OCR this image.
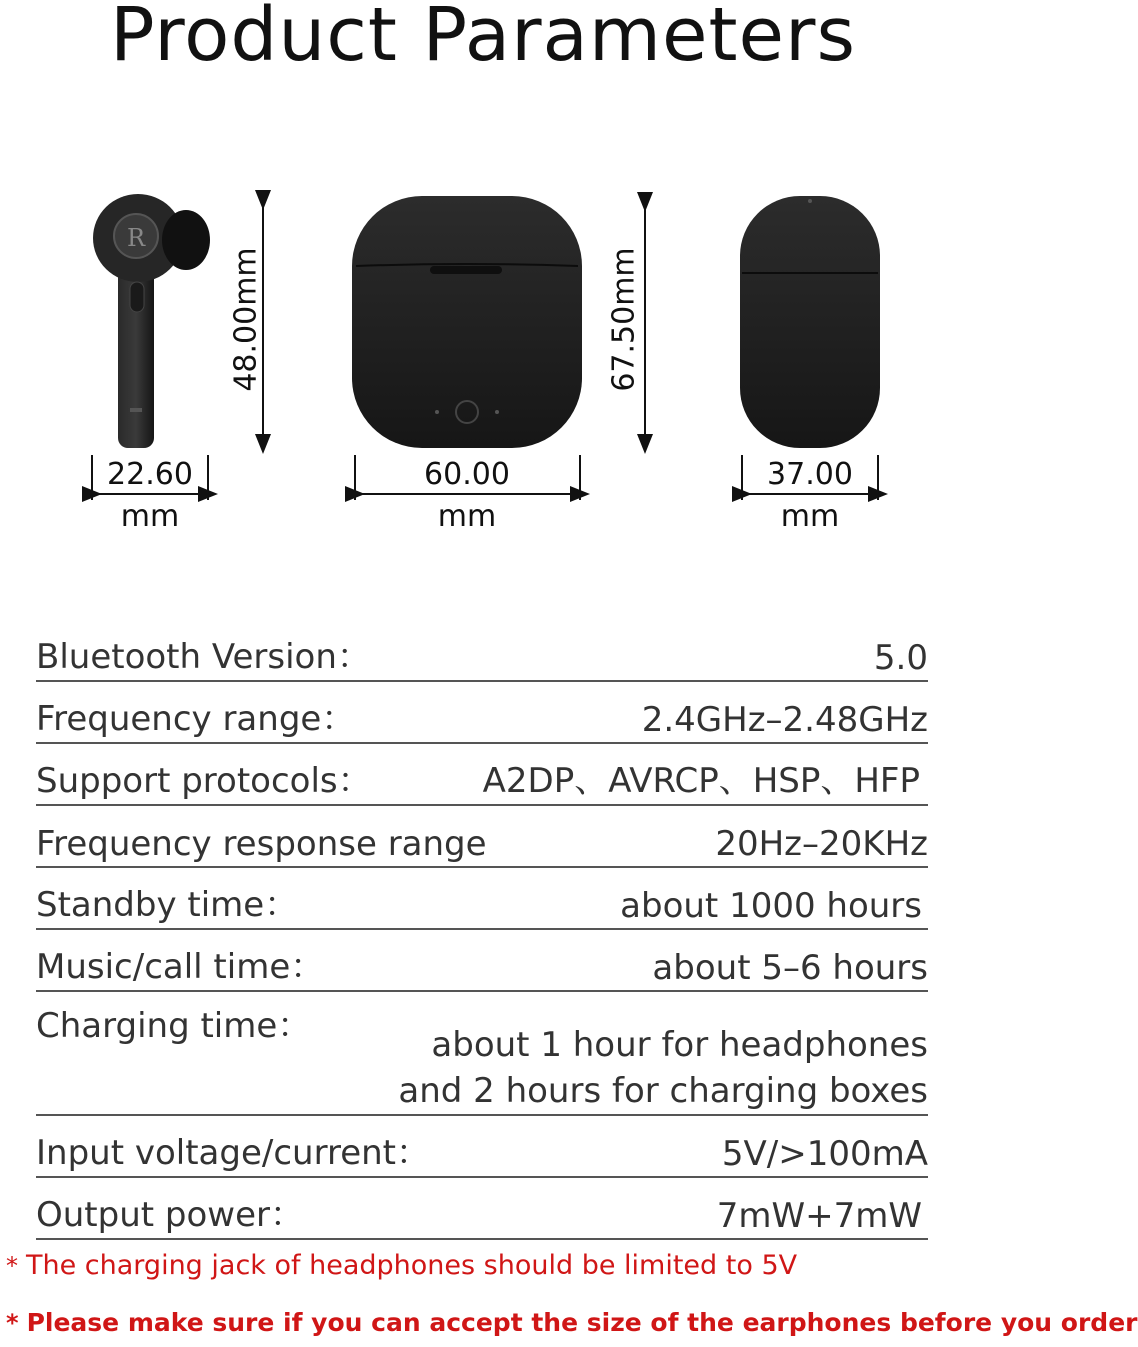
Product Parameters
R
48.00mm	67.50mm
22.60
mm
60.00
mm
37.00
mm
Bluetooth Version：	5.0
Frequency range：	2.4GHz–2.48GHz
Support protocols：	A2DP、AVRCP、HSP、HFP
Frequency response range	20Hz–20KHz
Standby time：	about 1000 hours
Music/call time：	about 5–6 hours
Charging time：	about 1 hour for headphones
and 2 hours for charging boxes
Input voltage/current：	5V/>100mA
Output power：	7mW+7mW
* The charging jack of headphones should be limited to 5V
* Please make sure if you can accept the size of the earphones before you order
